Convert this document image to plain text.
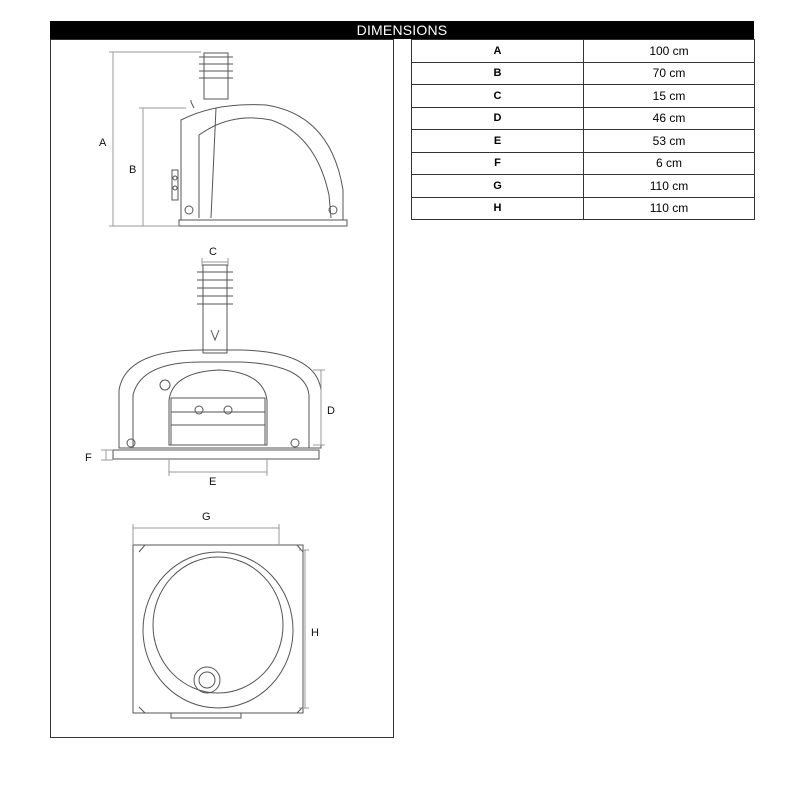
DIMENSIONS
A
B
C
D
E
F
G
H
A	100 cm
B	70 cm
C	15 cm
D	46 cm
E	53 cm
F	6 cm
G	110 cm
H	110 cm
